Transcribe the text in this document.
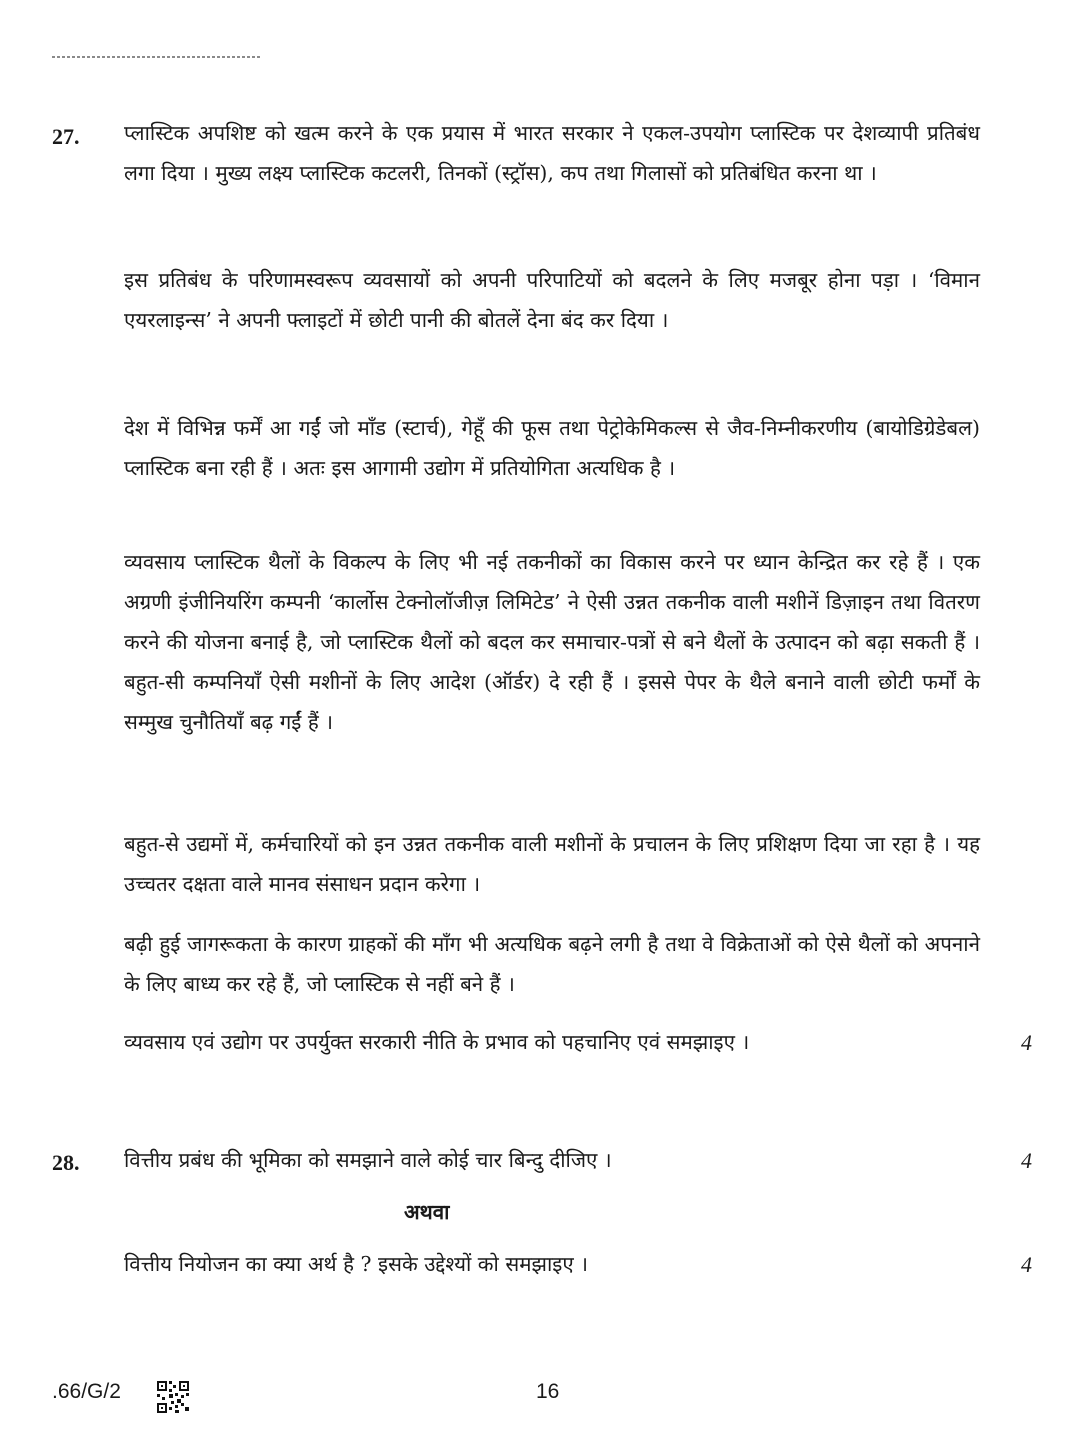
27. प्लास्टिक अपशिष्ट को खत्म करने के एक प्रयास में भारत सरकार ने एकल-उपयोग प्लास्टिक पर देशव्यापी प्रतिबंध लगा दिया । मुख्य लक्ष्य प्लास्टिक कटलरी, तिनकों (स्ट्रॉस), कप तथा गिलासों को प्रतिबंधित करना था ।

इस प्रतिबंध के परिणामस्वरूप व्यवसायों को अपनी परिपाटियों को बदलने के लिए मजबूर होना पड़ा । ‘विमान एयरलाइन्स’ ने अपनी फ्लाइटों में छोटी पानी की बोतलें देना बंद कर दिया ।

देश में विभिन्न फर्में आ गईं जो माँड (स्टार्च), गेहूँ की फूस तथा पेट्रोकेमिकल्स से जैव-निम्नीकरणीय (बायोडिग्रेडेबल) प्लास्टिक बना रही हैं । अतः इस आगामी उद्योग में प्रतियोगिता अत्यधिक है ।

व्यवसाय प्लास्टिक थैलों के विकल्प के लिए भी नई तकनीकों का विकास करने पर ध्यान केन्द्रित कर रहे हैं । एक अग्रणी इंजीनियरिंग कम्पनी ‘कार्लोस टेक्नोलॉजीज़ लिमिटेड’ ने ऐसी उन्नत तकनीक वाली मशीनें डिज़ाइन तथा वितरण करने की योजना बनाई है, जो प्लास्टिक थैलों को बदल कर समाचार-पत्रों से बने थैलों के उत्पादन को बढ़ा सकती हैं । बहुत-सी कम्पनियाँ ऐसी मशीनों के लिए आदेश (ऑर्डर) दे रही हैं । इससे पेपर के थैले बनाने वाली छोटी फर्मों के सम्मुख चुनौतियाँ बढ़ गईं हैं ।

बहुत-से उद्यमों में, कर्मचारियों को इन उन्नत तकनीक वाली मशीनों के प्रचालन के लिए प्रशिक्षण दिया जा रहा है । यह उच्चतर दक्षता वाले मानव संसाधन प्रदान करेगा ।

बढ़ी हुई जागरूकता के कारण ग्राहकों की माँग भी अत्यधिक बढ़ने लगी है तथा वे विक्रेताओं को ऐसे थैलों को अपनाने के लिए बाध्य कर रहे हैं, जो प्लास्टिक से नहीं बने हैं ।

व्यवसाय एवं उद्योग पर उपर्युक्त सरकारी नीति के प्रभाव को पहचानिए एवं समझाइए ।	4
28. वित्तीय प्रबंध की भूमिका को समझाने वाले कोई चार बिन्दु दीजिए ।	4
अथवा
वित्तीय नियोजन का क्या अर्थ है ? इसके उद्देश्यों को समझाइए ।	4
.66/G/2	16
